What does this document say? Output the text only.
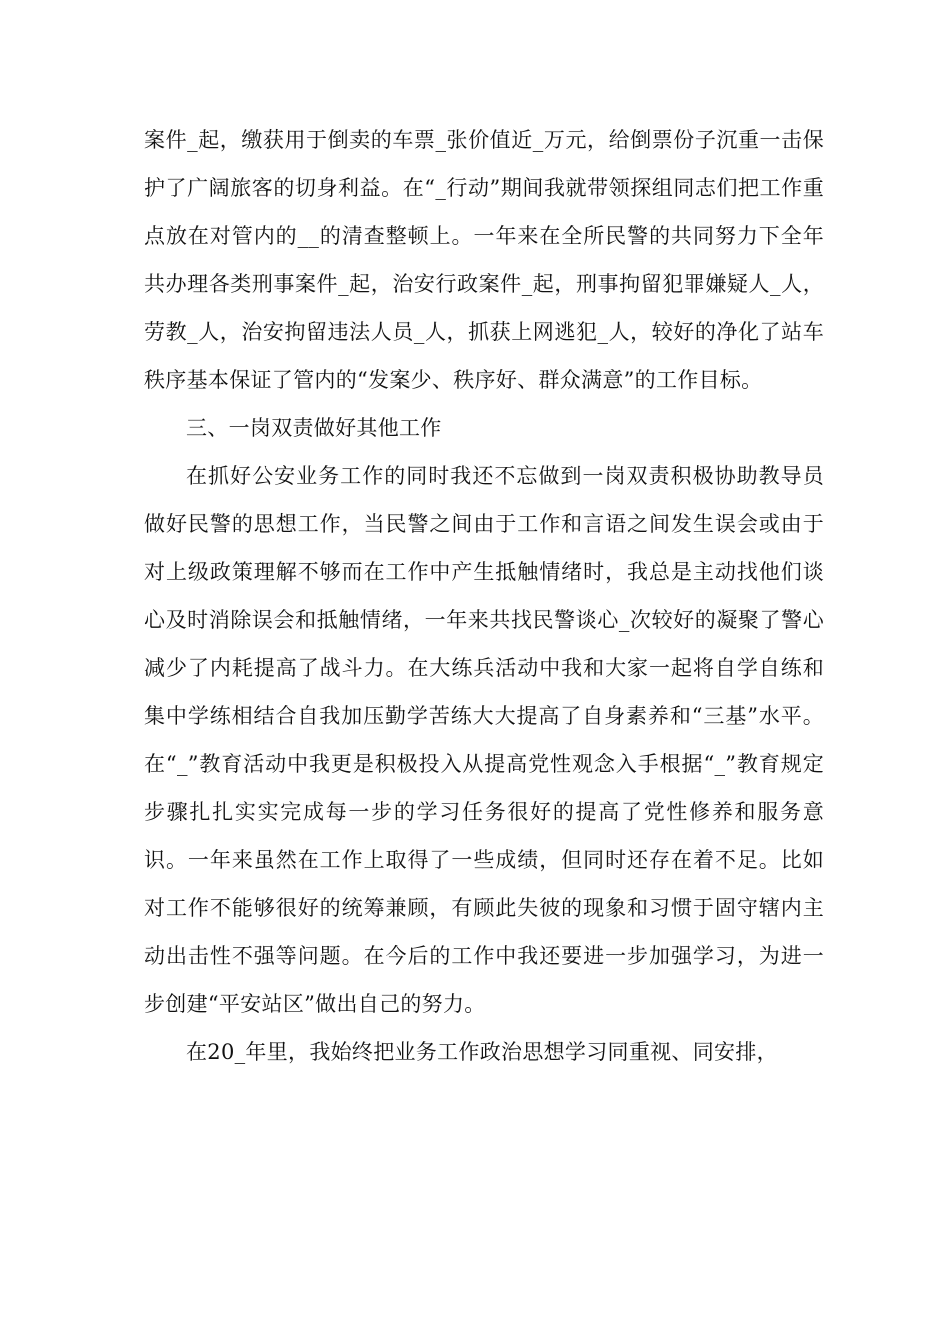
案件_起，缴获用于倒卖的车票_张价值近_万元，给倒票份子沉重一击保护了广阔旅客的切身利益。在“_行动”期间我就带领探组同志们把工作重点放在对管内的__的清查整顿上。一年来在全所民警的共同努力下全年共办理各类刑事案件_起，治安行政案件_起，刑事拘留犯罪嫌疑人_人，劳教_人，治安拘留违法人员_人，抓获上网逃犯_人，较好的净化了站车秩序基本保证了管内的“发案少、秩序好、群众满意”的工作目标。

三、一岗双责做好其他工作

在抓好公安业务工作的同时我还不忘做到一岗双责积极协助教导员做好民警的思想工作，当民警之间由于工作和言语之间发生误会或由于对上级政策理解不够而在工作中产生抵触情绪时，我总是主动找他们谈心及时消除误会和抵触情绪，一年来共找民警谈心_次较好的凝聚了警心减少了内耗提高了战斗力。在大练兵活动中我和大家一起将自学自练和集中学练相结合自我加压勤学苦练大大提高了自身素养和“三基”水平。在“_”教育活动中我更是积极投入从提高党性观念入手根据“_”教育规定步骤扎扎实实完成每一步的学习任务很好的提高了党性修养和服务意识。一年来虽然在工作上取得了一些成绩，但同时还存在着不足。比如对工作不能够很好的统筹兼顾，有顾此失彼的现象和习惯于固守辖内主动出击性不强等问题。在今后的工作中我还要进一步加强学习，为进一步创建“平安站区”做出自己的努力。

在20_年里，我始终把业务工作政治思想学习同重视、同安排，
